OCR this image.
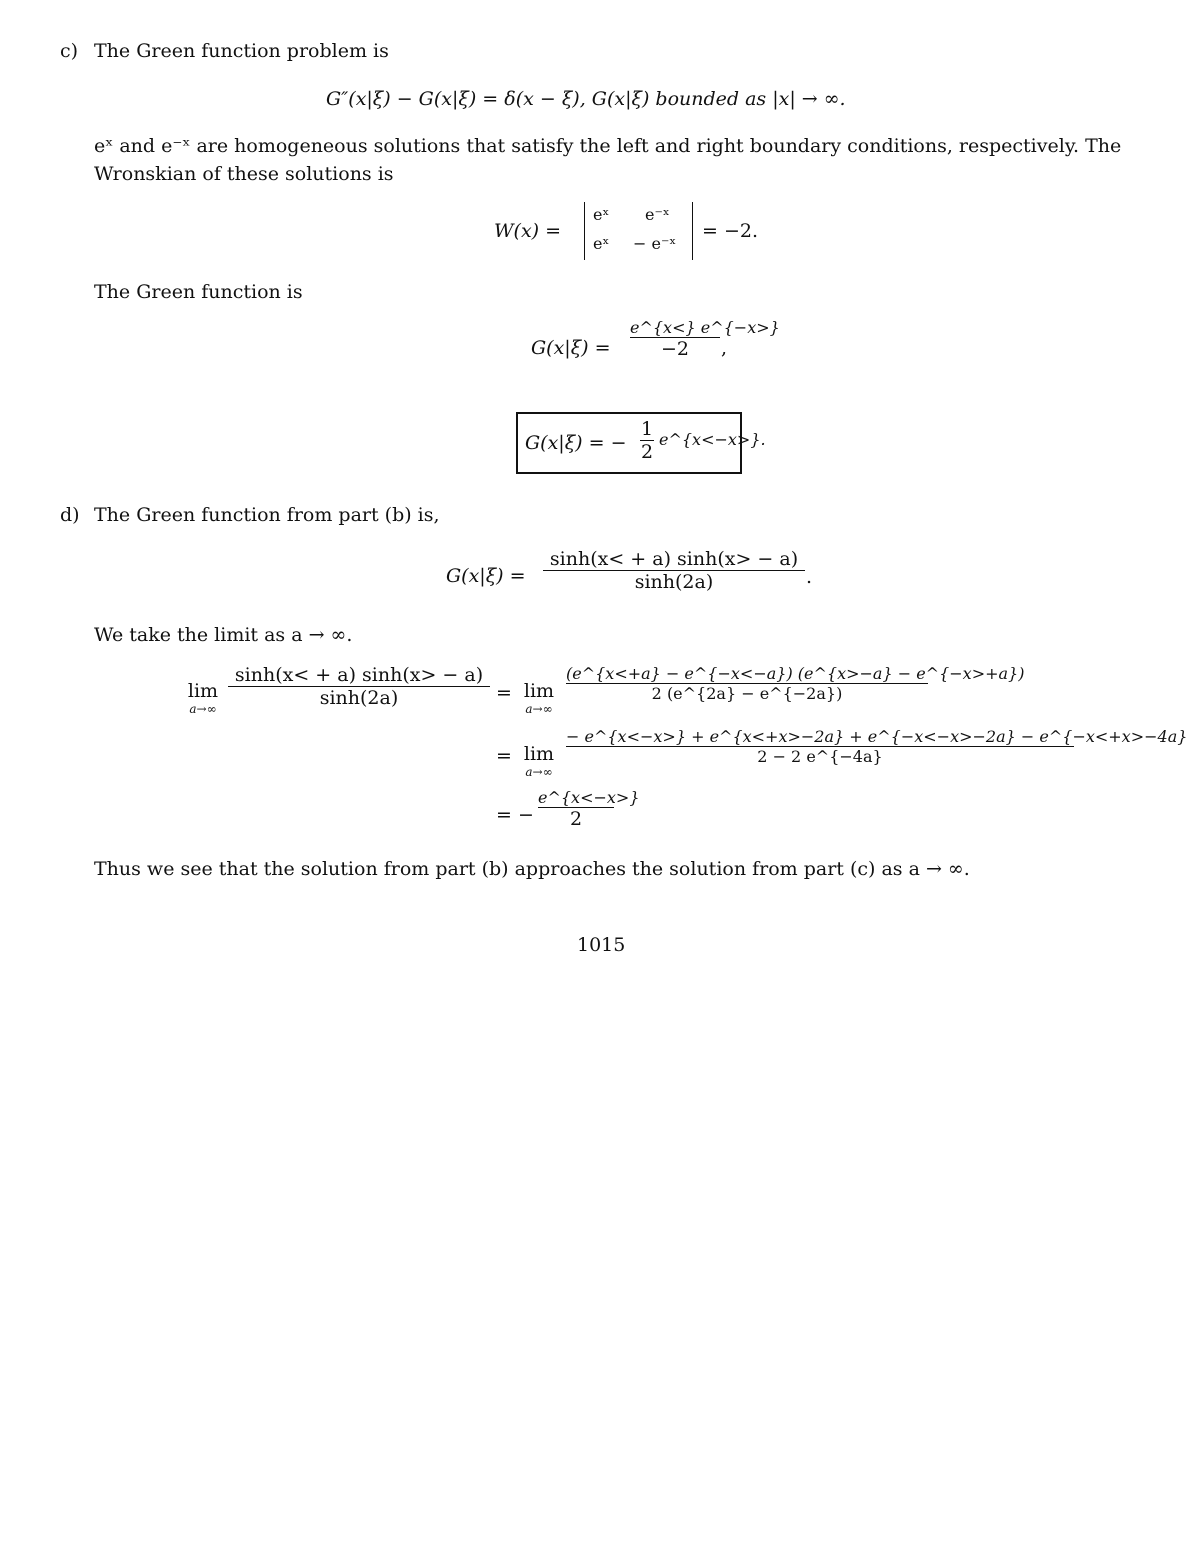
c) The Green function problem is
G″(x|ξ) − G(x|ξ) = δ(x − ξ), G(x|ξ) bounded as |x| → ∞.
eˣ and e⁻ˣ are homogeneous solutions that satisfy the left and right boundary conditions, respectively. The
Wronskian of these solutions is
W(x) =
eˣ e⁻ˣ
eˣ − e⁻ˣ
= −2.
The Green function is
G(x|ξ) =
e^{x<} e^{−x>}
−2	,
G(x|ξ) = −
1
2
e^{x<−x>}.
d) The Green function from part (b) is,
G(x|ξ) =
sinh(x< + a) sinh(x> − a)
sinh(2a)	.
We take the limit as a → ∞.
lim
a→∞
sinh(x< + a) sinh(x> − a)
sinh(2a)	= lim
a→∞
(e^{x<+a} − e^{−x<−a}) (e^{x>−a} − e^{−x>+a})
2 (e^{2a} − e^{−2a})
= lim
a→∞
− e^{x<−x>} + e^{x<+x>−2a} + e^{−x<−x>−2a} − e^{−x<+x>−4a}
2 − 2 e^{−4a}
= −
e^{x<−x>}
2
Thus we see that the solution from part (b) approaches the solution from part (c) as a → ∞.
1015
